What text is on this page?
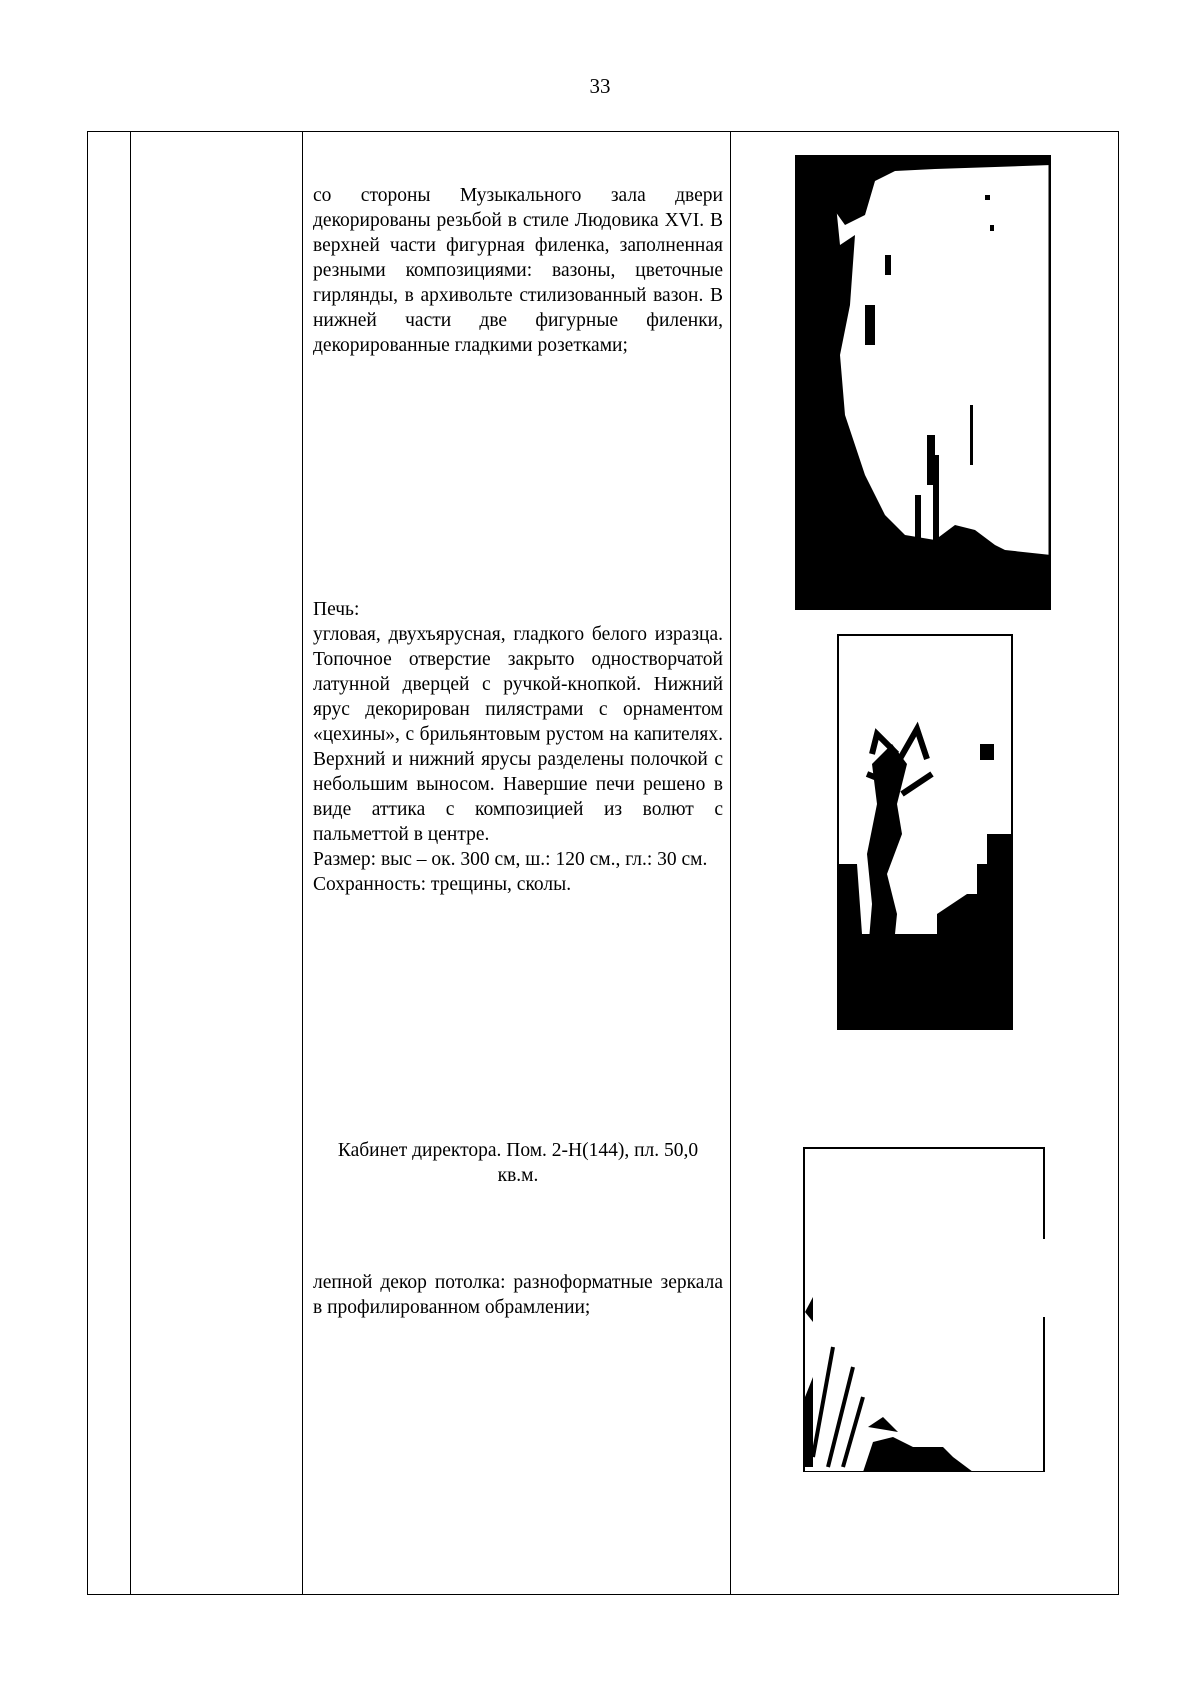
33

со стороны Музыкального зала двери декорированы резьбой в стиле Людовика XVI. В верхней части фигурная филенка, заполненная резными композициями: вазоны, цветочные гирлянды, в архивольте стилизованный вазон. В нижней части две фигурные филенки, декорированные гладкими розетками;

Печь:

угловая, двухъярусная, гладкого белого изразца. Топочное отверстие закрыто одностворчатой латунной дверцей с ручкой-кнопкой. Нижний ярус декорирован пилястрами с орнаментом «цехины», с брильянтовым рустом на капителях. Верхний и нижний ярусы разделены полочкой с небольшим выносом. Навершие печи решено в виде аттика с композицией из волют с пальметтой в центре.

Размер: выс – ок. 300 см, ш.: 120 см., гл.: 30 см.

Сохранность: трещины, сколы.

Кабинет директора. Пом. 2-Н(144), пл. 50,0 кв.м.

лепной декор потолка: разноформатные зеркала в профилированном обрамлении;
